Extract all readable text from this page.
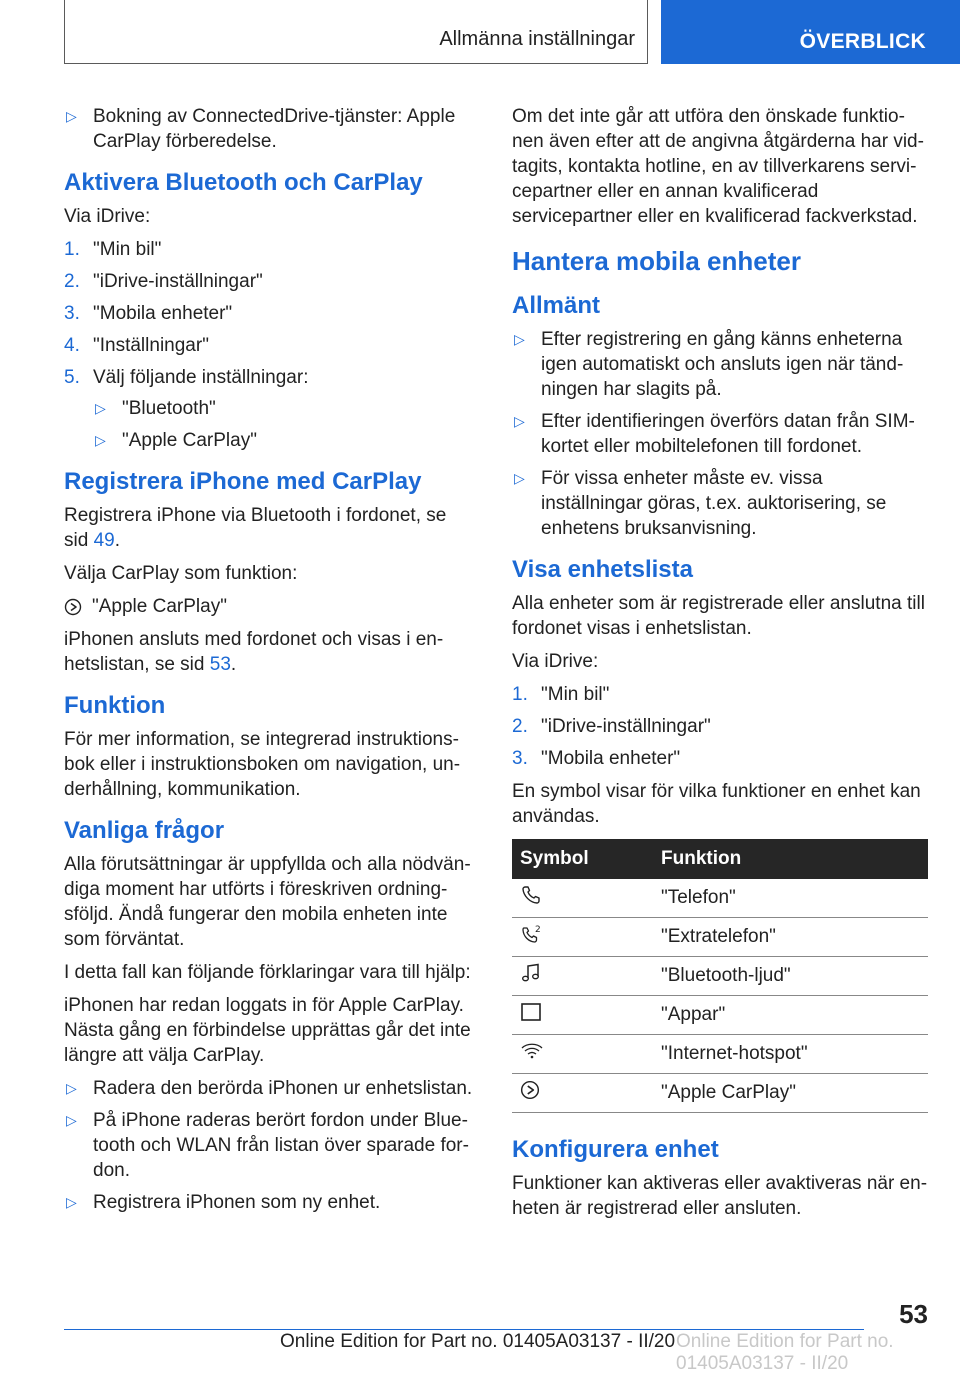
Allmänna inställningar	ÖVERBLICK
▷ Bokning av ConnectedDrive-tjänster: Apple CarPlay förberedelse.
Aktivera Bluetooth och CarPlay

Via iDrive:

1. "Min bil"
2. "iDrive-inställningar"
3. "Mobila enheter"
4. "Inställningar"
5. Välj följande inställningar:
▷ "Bluetooth"
▷ "Apple CarPlay"
Registrera iPhone med CarPlay

Registrera iPhone via Bluetooth i fordonet, se sid 49.

Välja CarPlay som funktion:

"Apple CarPlay"

iPhonen ansluts med fordonet och visas i enhetslistan, se sid 53.

Funktion

För mer information, se integrerad instruktionsbok eller i instruktionsboken om navigation, underhållning, kommunikation.

Vanliga frågor

Alla förutsättningar är uppfyllda och alla nödvändiga moment har utförts i föreskriven ordningsföljd. Ändå fungerar den mobila enheten inte som förväntat.

I detta fall kan följande förklaringar vara till hjälp:

iPhonen har redan loggats in för Apple CarPlay. Nästa gång en förbindelse upprättas går det inte längre att välja CarPlay.

▷ Radera den berörda iPhonen ur enhetslistan.
▷ På iPhone raderas berört fordon under Bluetooth och WLAN från listan över sparade fordon.
▷ Registrera iPhonen som ny enhet.

Om det inte går att utföra den önskade funktionen även efter att de angivna åtgärderna har vidtagits, kontakta hotline, en av tillverkarens servicepartner eller en annan kvalificerad servicepartner eller en kvalificerad fackverkstad.

Hantera mobila enheter
Allmänt
▷ Efter registrering en gång känns enheterna igen automatiskt och ansluts igen när tändningen har slagits på.
▷ Efter identifieringen överförs datan från SIM-kortet eller mobiltelefonen till fordonet.
▷ För vissa enheter måste ev. vissa inställningar göras, t.ex. auktorisering, se enhetens bruksanvisning.
Visa enhetslista

Alla enheter som är registrerade eller anslutna till fordonet visas i enhetslistan.

Via iDrive:

1. "Min bil"
2. "iDrive-inställningar"
3. "Mobila enheter"

En symbol visar för vilka funktioner en enhet kan användas.

Symbol	Funktion
	"Telefon"

2	"Extratelefon"
	"Bluetooth-ljud"
	"Appar"
	"Internet-hotspot"
	"Apple CarPlay"
Konfigurera enhet

Funktioner kan aktiveras eller avaktiveras när enheten är registrerad eller ansluten.

53
Online Edition for Part no. 01405A03137 - II/20 Online Edition for Part no. 01405A03137 - II/20
